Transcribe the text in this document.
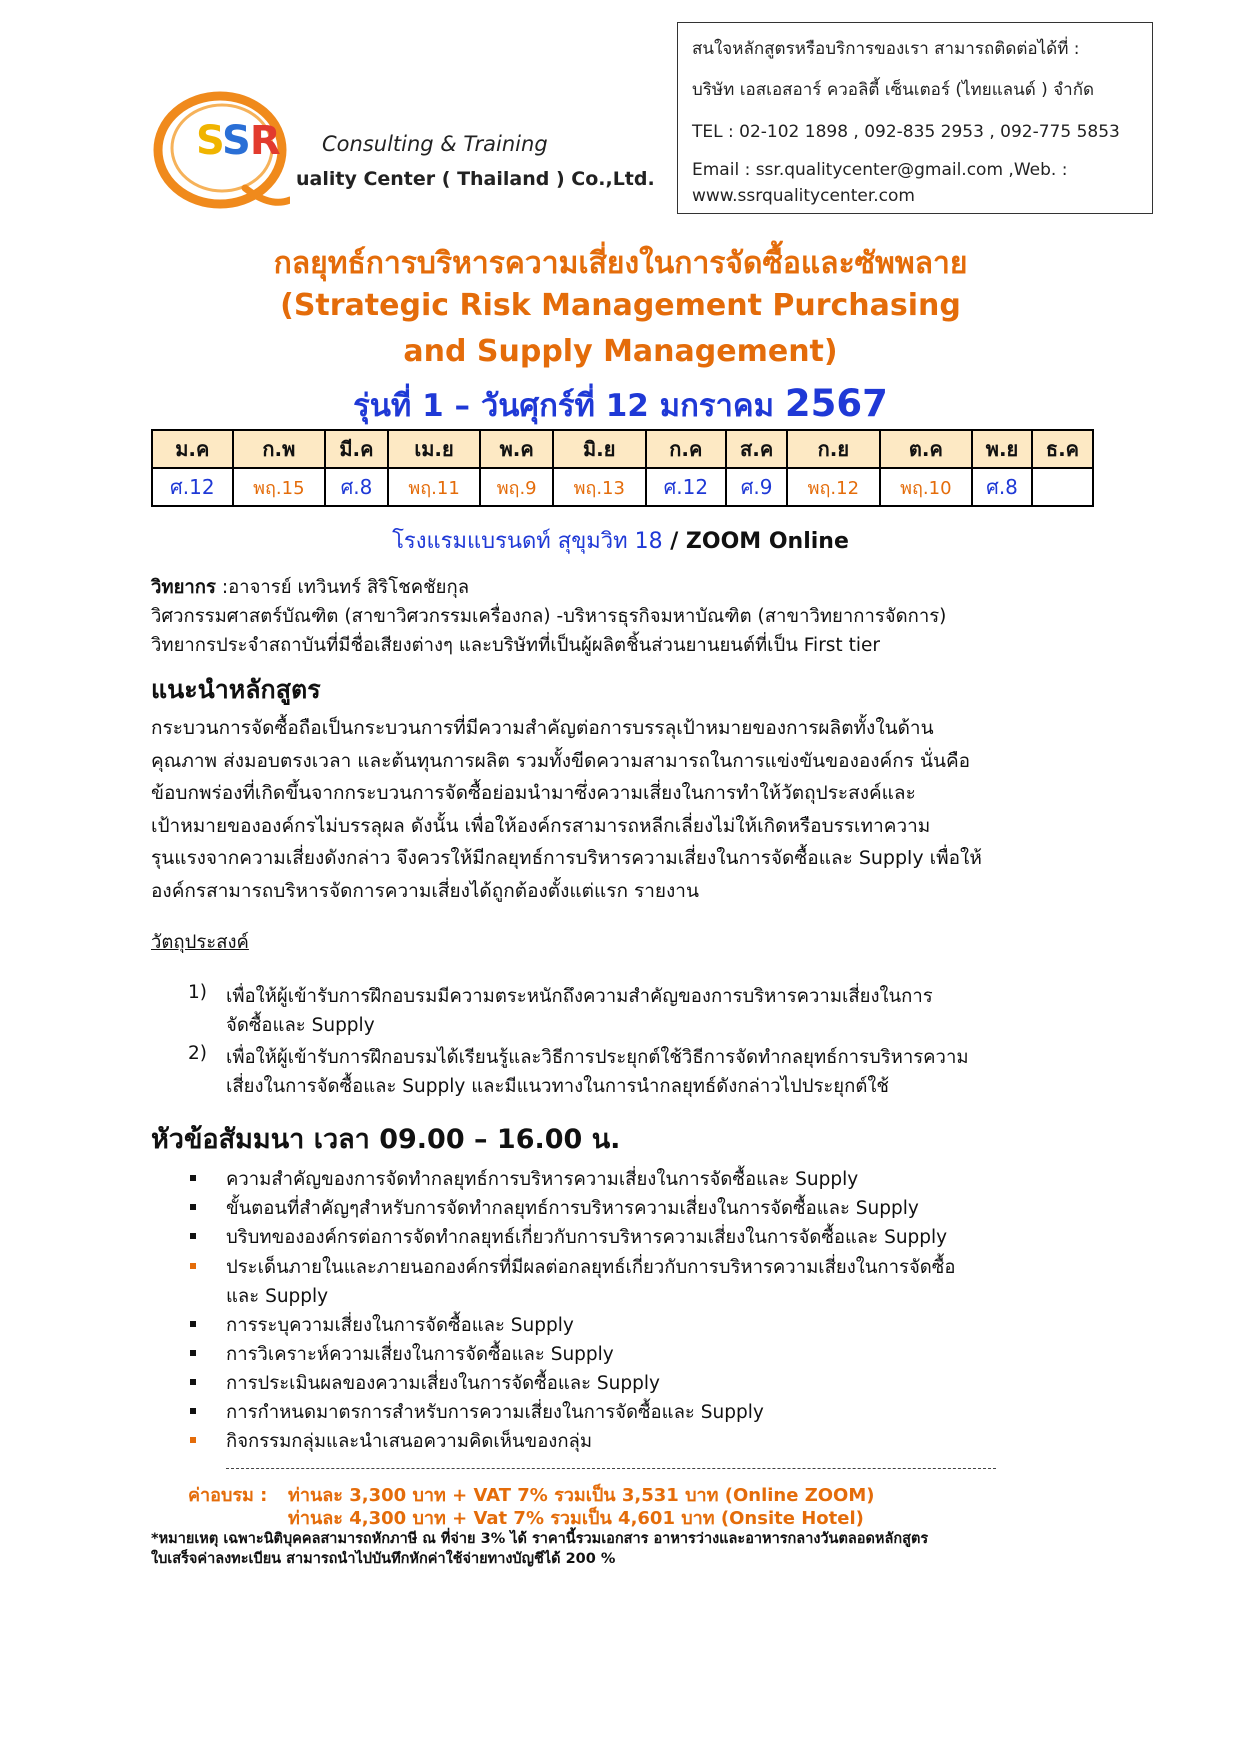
SSR Consulting & Training
uality Center ( Thailand ) Co.,Ltd.
สนใจหลักสูตรหรือบริการของเรา สามารถติดต่อได้ที่ :
บริษัท เอสเอสอาร์ ควอลิตี้ เซ็นเตอร์ (ไทยแลนด์ ) จำกัด
TEL : 02-102 1898 , 092-835 2953 , 092-775 5853
Email : ssr.qualitycenter@gmail.com ,Web. :
www.ssrqualitycenter.com
กลยุทธ์การบริหารความเสี่ยงในการจัดซื้อและซัพพลาย
(Strategic Risk Management Purchasing
and Supply Management)
รุ่นที่ 1 – วันศุกร์ที่ 12 มกราคม 2567
ม.ค	ก.พ	มี.ค	เม.ย	พ.ค	มิ.ย	ก.ค	ส.ค	ก.ย	ต.ค	พ.ย	ธ.ค
ศ.12	พฤ.15	ศ.8	พฤ.11	พฤ.9	พฤ.13	ศ.12	ศ.9	พฤ.12	พฤ.10	ศ.8	
โรงแรมแบรนดท์ สุขุมวิท 18 / ZOOM Online
วิทยากร :อาจารย์ เทวินทร์ สิริโชคชัยกุล
วิศวกรรมศาสตร์บัณฑิต (สาขาวิศวกรรมเครื่องกล) -บริหารธุรกิจมหาบัณฑิต (สาขาวิทยาการจัดการ)
วิทยากรประจำสถาบันที่มีชื่อเสียงต่างๆ และบริษัทที่เป็นผู้ผลิตชิ้นส่วนยานยนต์ที่เป็น First tier
แนะนำหลักสูตร
กระบวนการจัดซื้อถือเป็นกระบวนการที่มีความสำคัญต่อการบรรลุเป้าหมายของการผลิตทั้งในด้าน
คุณภาพ ส่งมอบตรงเวลา และต้นทุนการผลิต รวมทั้งขีดความสามารถในการแข่งขันขององค์กร นั่นคือ
ข้อบกพร่องที่เกิดขึ้นจากกระบวนการจัดซื้อย่อมนำมาซึ่งความเสี่ยงในการทำให้วัตถุประสงค์และ
เป้าหมายขององค์กรไม่บรรลุผล ดังนั้น เพื่อให้องค์กรสามารถหลีกเลี่ยงไม่ให้เกิดหรือบรรเทาความ
รุนแรงจากความเสี่ยงดังกล่าว จึงควรให้มีกลยุทธ์การบริหารความเสี่ยงในการจัดซื้อและ Supply เพื่อให้
องค์กรสามารถบริหารจัดการความเสี่ยงได้ถูกต้องตั้งแต่แรก รายงาน
วัตถุประสงค์
1) เพื่อให้ผู้เข้ารับการฝึกอบรมมีความตระหนักถึงความสำคัญของการบริหารความเสี่ยงในการ
จัดซื้อและ Supply
2) เพื่อให้ผู้เข้ารับการฝึกอบรมได้เรียนรู้และวิธีการประยุกต์ใช้วิธีการจัดทำกลยุทธ์การบริหารความ
เสี่ยงในการจัดซื้อและ Supply และมีแนวทางในการนำกลยุทธ์ดังกล่าวไปประยุกต์ใช้
หัวข้อสัมมนา เวลา 09.00 – 16.00 น.
ความสำคัญของการจัดทำกลยุทธ์การบริหารความเสี่ยงในการจัดซื้อและ Supply
ขั้นตอนที่สำคัญๆสำหรับการจัดทำกลยุทธ์การบริหารความเสี่ยงในการจัดซื้อและ Supply
บริบทขององค์กรต่อการจัดทำกลยุทธ์เกี่ยวกับการบริหารความเสี่ยงในการจัดซื้อและ Supply
ประเด็นภายในและภายนอกองค์กรที่มีผลต่อกลยุทธ์เกี่ยวกับการบริหารความเสี่ยงในการจัดซื้อ
และ Supply
การระบุความเสี่ยงในการจัดซื้อและ Supply
การวิเคราะห์ความเสี่ยงในการจัดซื้อและ Supply
การประเมินผลของความเสี่ยงในการจัดซื้อและ Supply
การกำหนดมาตรการสำหรับการความเสี่ยงในการจัดซื้อและ Supply
กิจกรรมกลุ่มและนำเสนอความคิดเห็นของกลุ่ม
ค่าอบรม : ท่านละ 3,300 บาท + VAT 7% รวมเป็น 3,531 บาท (Online ZOOM)
ท่านละ 4,300 บาท + Vat 7% รวมเป็น 4,601 บาท (Onsite Hotel)
*หมายเหตุ เฉพาะนิติบุคคลสามารถหักภาษี ณ ที่จ่าย 3% ได้ ราคานี้รวมเอกสาร อาหารว่างและอาหารกลางวันตลอดหลักสูตร
ใบเสร็จค่าลงทะเบียน สามารถนำไปบันทึกหักค่าใช้จ่ายทางบัญชีได้ 200 %
